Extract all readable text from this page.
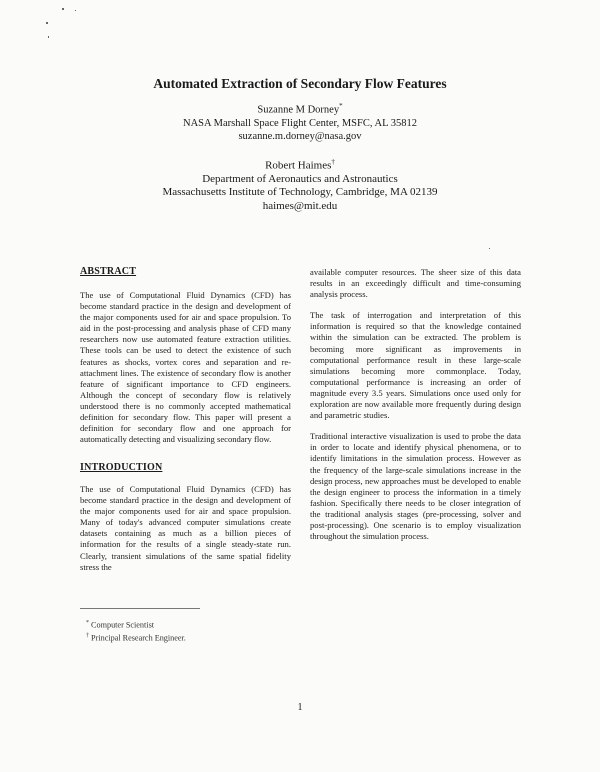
Automated Extraction of Secondary Flow Features
Suzanne M Dorney*
NASA Marshall Space Flight Center, MSFC, AL 35812
suzanne.m.dorney@nasa.gov
Robert Haimes†
Department of Aeronautics and Astronautics
Massachusetts Institute of Technology, Cambridge, MA 02139
haimes@mit.edu
ABSTRACT

The use of Computational Fluid Dynamics (CFD) has become standard practice in the design and development of the major components used for air and space propulsion. To aid in the post-processing and analysis phase of CFD many researchers now use automated feature extraction utilities. These tools can be used to detect the existence of such features as shocks, vortex cores and separation and re-attachment lines. The existence of secondary flow is another feature of significant importance to CFD engineers. Although the concept of secondary flow is relatively understood there is no commonly accepted mathematical definition for secondary flow. This paper will present a definition for secondary flow and one approach for automatically detecting and visualizing secondary flow.

INTRODUCTION

The use of Computational Fluid Dynamics (CFD) has become standard practice in the design and development of the major components used for air and space propulsion. Many of today's advanced computer simulations create datasets containing as much as a billion pieces of information for the results of a single steady-state run. Clearly, transient simulations of the same spatial fidelity stress the

* Computer Scientist
† Principal Research Engineer.

available computer resources. The sheer size of this data results in an exceedingly difficult and time-consuming analysis process.

The task of interrogation and interpretation of this information is required so that the knowledge contained within the simulation can be extracted. The problem is becoming more significant as improvements in computational performance result in these large-scale simulations becoming more commonplace. Today, computational performance is increasing an order of magnitude every 3.5 years. Simulations once used only for exploration are now available more frequently during design and parametric studies.

Traditional interactive visualization is used to probe the data in order to locate and identify physical phenomena, or to identify limitations in the simulation process. However as the frequency of the large-scale simulations increase in the design process, new approaches must be developed to enable the design engineer to process the information in a timely fashion. Specifically there needs to be closer integration of the traditional analysis stages (pre-processing, solver and post-processing). One scenario is to employ visualization throughout the simulation process.

1
